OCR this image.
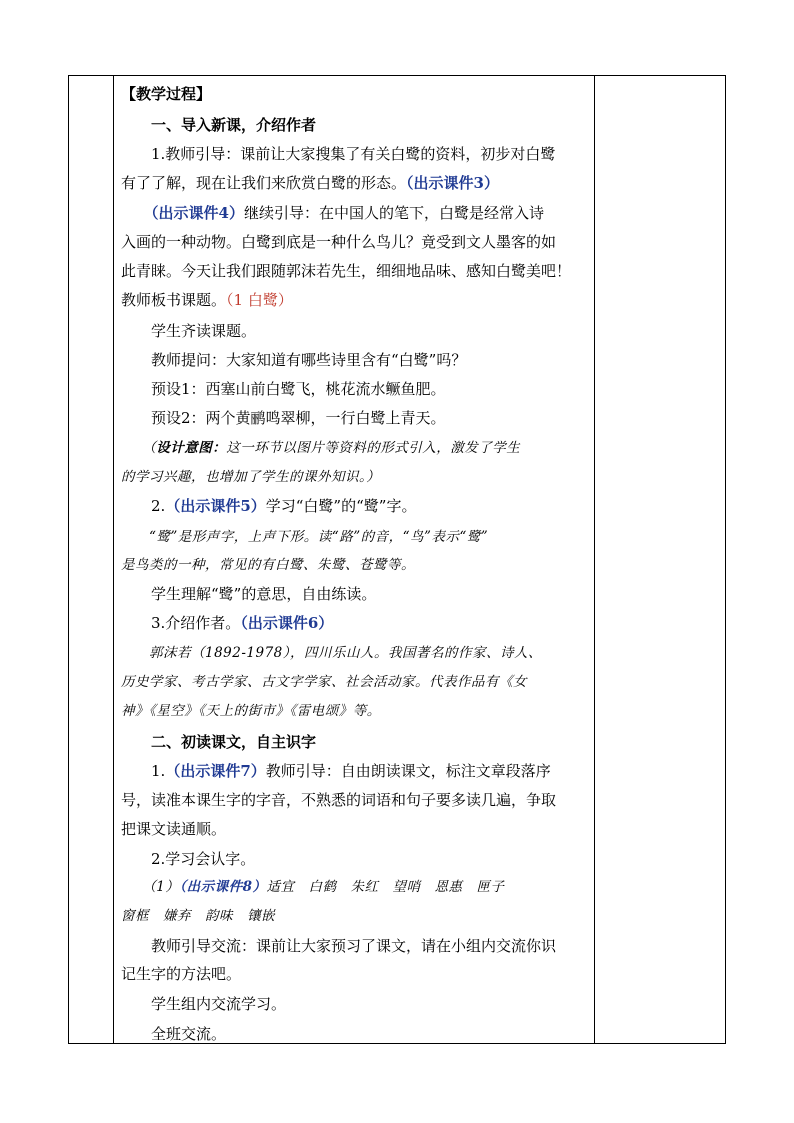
【教学过程】
　　一、导入新课，介绍作者
　　1.教师引导：课前让大家搜集了有关白鹭的资料，初步对白鹭
有了了解，现在让我们来欣赏白鹭的形态。（出示课件3）
　　（出示课件4）继续引导：在中国人的笔下，白鹭是经常入诗
入画的一种动物。白鹭到底是一种什么鸟儿？竟受到文人墨客的如
此青睐。今天让我们跟随郭沫若先生，细细地品味、感知白鹭美吧！
教师板书课题。（1 白鹭）
　　学生齐读课题。
　　教师提问：大家知道有哪些诗里含有“白鹭”吗？
　　预设1：西塞山前白鹭飞，桃花流水鳜鱼肥。
　　预设2：两个黄鹂鸣翠柳，一行白鹭上青天。
　　（设计意图：这一环节以图片等资料的形式引入，激发了学生
的学习兴趣，也增加了学生的课外知识。）
　　2.（出示课件5）学习“白鹭”的“鹭”字。
　　“鹭”是形声字，上声下形。读“路”的音，“鸟”表示“鹭”
是鸟类的一种，常见的有白鹭、朱鹭、苍鹭等。
　　学生理解“鹭”的意思，自由练读。
　　3.介绍作者。（出示课件6）
　　郭沫若（1892-1978），四川乐山人。我国著名的作家、诗人、
历史学家、考古学家、古文字学家、社会活动家。代表作品有《女
神》《星空》《天上的街市》《雷电颂》等。
　　二、初读课文，自主识字
　　1.（出示课件7）教师引导：自由朗读课文，标注文章段落序
号，读准本课生字的字音，不熟悉的词语和句子要多读几遍，争取
把课文读通顺。
　　2.学习会认字。
　　（1）（出示课件8）适宜　白鹤　朱红　望哨　恩惠　匣子
窗框　嫌弃　韵味　镶嵌
　　教师引导交流：课前让大家预习了课文，请在小组内交流你识
记生字的方法吧。
　　学生组内交流学习。
　　全班交流。
